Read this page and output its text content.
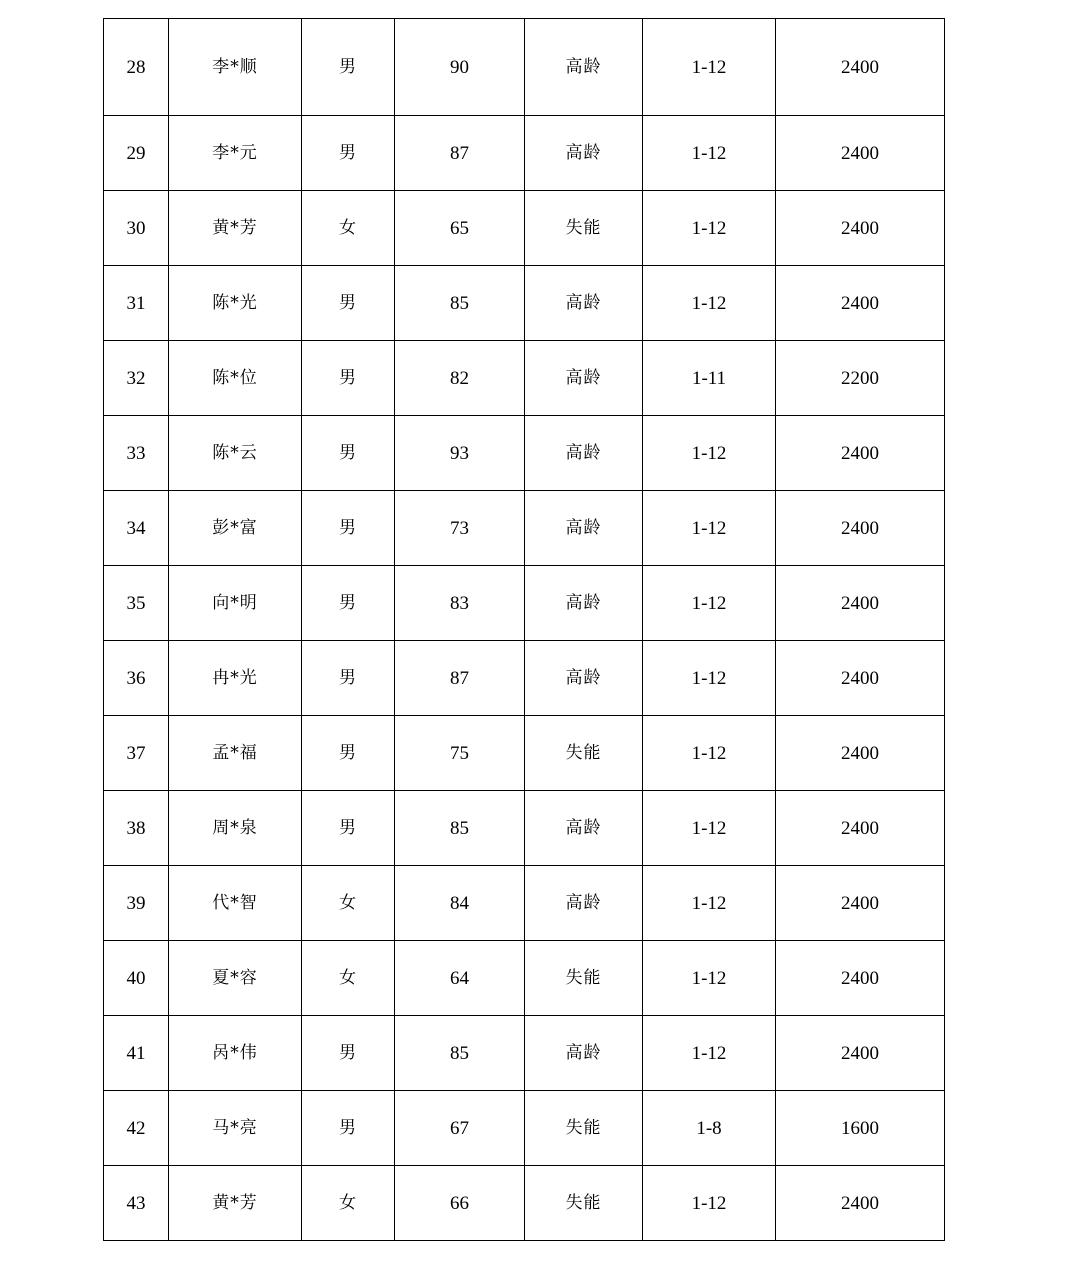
28	李*顺	男	90	高龄	1-12	2400
29	李*元	男	87	高龄	1-12	2400
30	黄*芳	女	65	失能	1-12	2400
31	陈*光	男	85	高龄	1-12	2400
32	陈*位	男	82	高龄	1-11	2200
33	陈*云	男	93	高龄	1-12	2400
34	彭*富	男	73	高龄	1-12	2400
35	向*明	男	83	高龄	1-12	2400
36	冉*光	男	87	高龄	1-12	2400
37	孟*福	男	75	失能	1-12	2400
38	周*泉	男	85	高龄	1-12	2400
39	代*智	女	84	高龄	1-12	2400
40	夏*容	女	64	失能	1-12	2400
41	呙*伟	男	85	高龄	1-12	2400
42	马*亮	男	67	失能	1-8	1600
43	黄*芳	女	66	失能	1-12	2400
